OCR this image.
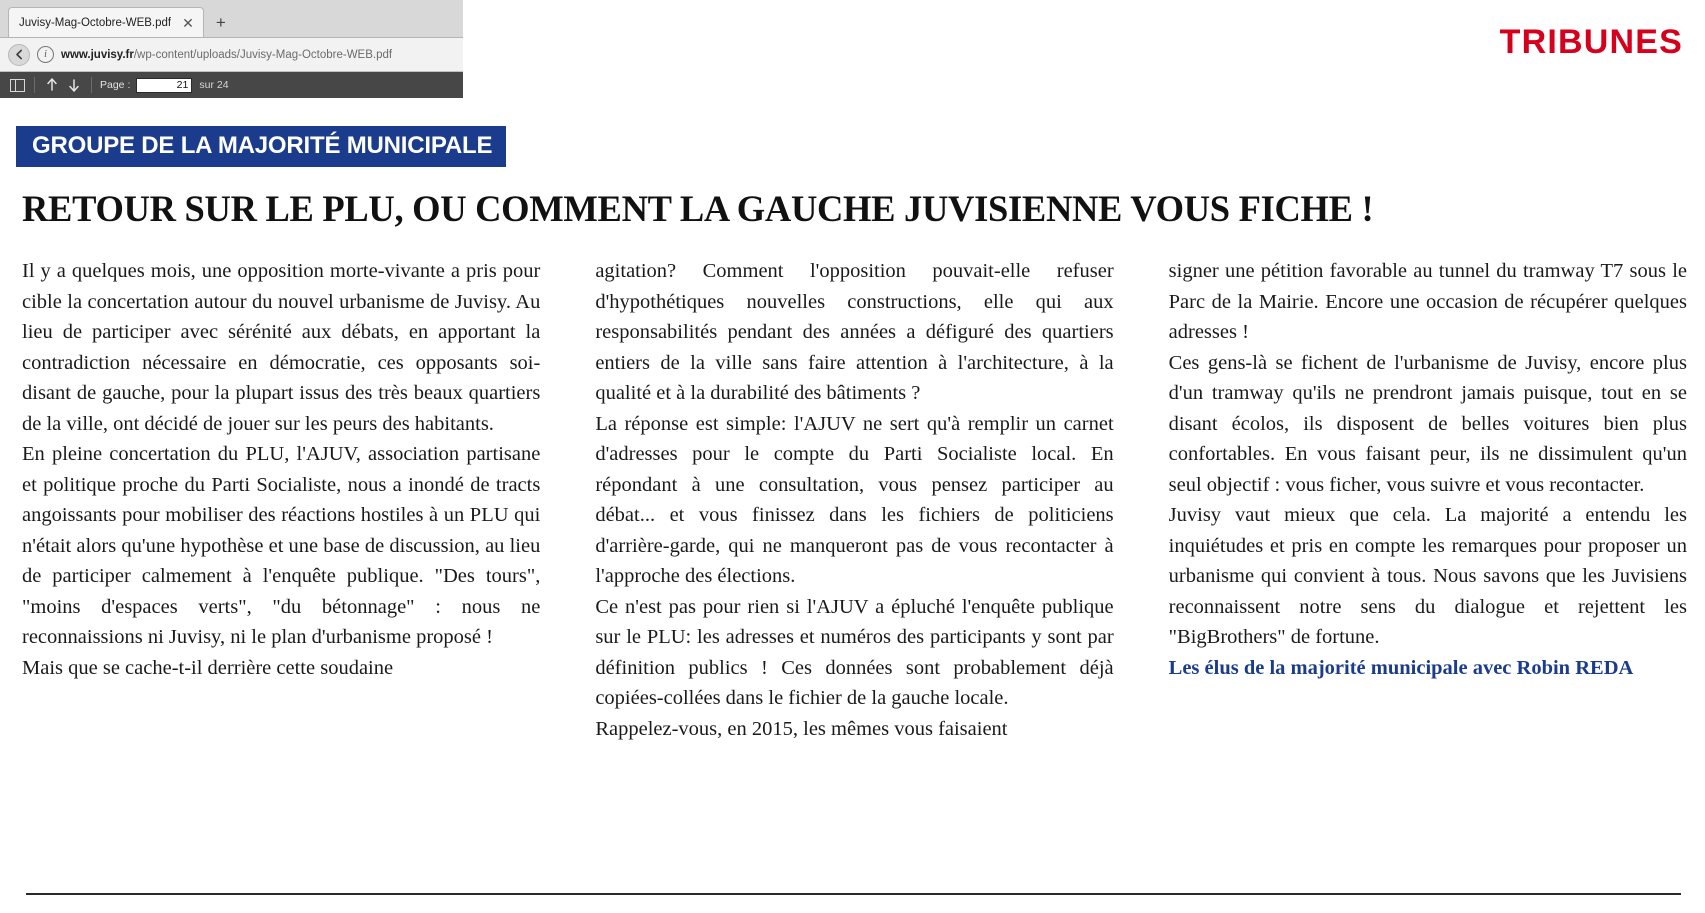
Juvisy-Mag-Octobre-WEB.pdf ✕ +
i	www.juvisy.fr/wp-content/uploads/Juvisy-Mag-Octobre-WEB.pdf
Page :
21	sur 24
TRIBUNES
GROUPE DE LA MAJORITÉ MUNICIPALE
RETOUR SUR LE PLU, OU COMMENT LA GAUCHE JUVISIENNE VOUS FICHE !

Il y a quelques mois, une opposition morte-vivante a pris pour cible la concertation autour du nouvel urbanisme de Juvisy. Au lieu de participer avec sérénité aux débats, en apportant la contradiction nécessaire en démocratie, ces opposants soi-disant de gauche, pour la plupart issus des très beaux quartiers de la ville, ont décidé de jouer sur les peurs des habitants.

En pleine concertation du PLU, l'AJUV, association partisane et politique proche du Parti Socialiste, nous a inondé de tracts angoissants pour mobiliser des réactions hostiles à un PLU qui n'était alors qu'une hypothèse et une base de discussion, au lieu de participer calmement à l'enquête publique. "Des tours", "moins d'espaces verts", "du bétonnage" : nous ne reconnaissions ni Juvisy, ni le plan d'urbanisme proposé !

Mais que se cache-t-il derrière cette soudaine

agitation? Comment l'opposition pouvait-elle refuser d'hypothétiques nouvelles constructions, elle qui aux responsabilités pendant des années a défiguré des quartiers entiers de la ville sans faire attention à l'architecture, à la qualité et à la durabilité des bâtiments ?

La réponse est simple: l'AJUV ne sert qu'à remplir un carnet d'adresses pour le compte du Parti Socialiste local. En répondant à une consultation, vous pensez participer au débat... et vous finissez dans les fichiers de politiciens d'arrière-garde, qui ne manqueront pas de vous recontacter à l'approche des élections.

Ce n'est pas pour rien si l'AJUV a épluché l'enquête publique sur le PLU: les adresses et numéros des participants y sont par définition publics ! Ces données sont probablement déjà copiées-collées dans le fichier de la gauche locale.

Rappelez-vous, en 2015, les mêmes vous faisaient

signer une pétition favorable au tunnel du tramway T7 sous le Parc de la Mairie. Encore une occasion de récupérer quelques adresses !

Ces gens-là se fichent de l'urbanisme de Juvisy, encore plus d'un tramway qu'ils ne prendront jamais puisque, tout en se disant écolos, ils disposent de belles voitures bien plus confortables. En vous faisant peur, ils ne dissimulent qu'un seul objectif : vous ficher, vous suivre et vous recontacter.

Juvisy vaut mieux que cela. La majorité a entendu les inquiétudes et pris en compte les remarques pour proposer un urbanisme qui convient à tous. Nous savons que les Juvisiens reconnaissent notre sens du dialogue et rejettent les "BigBrothers" de fortune.

Les élus de la majorité municipale avec Robin REDA
